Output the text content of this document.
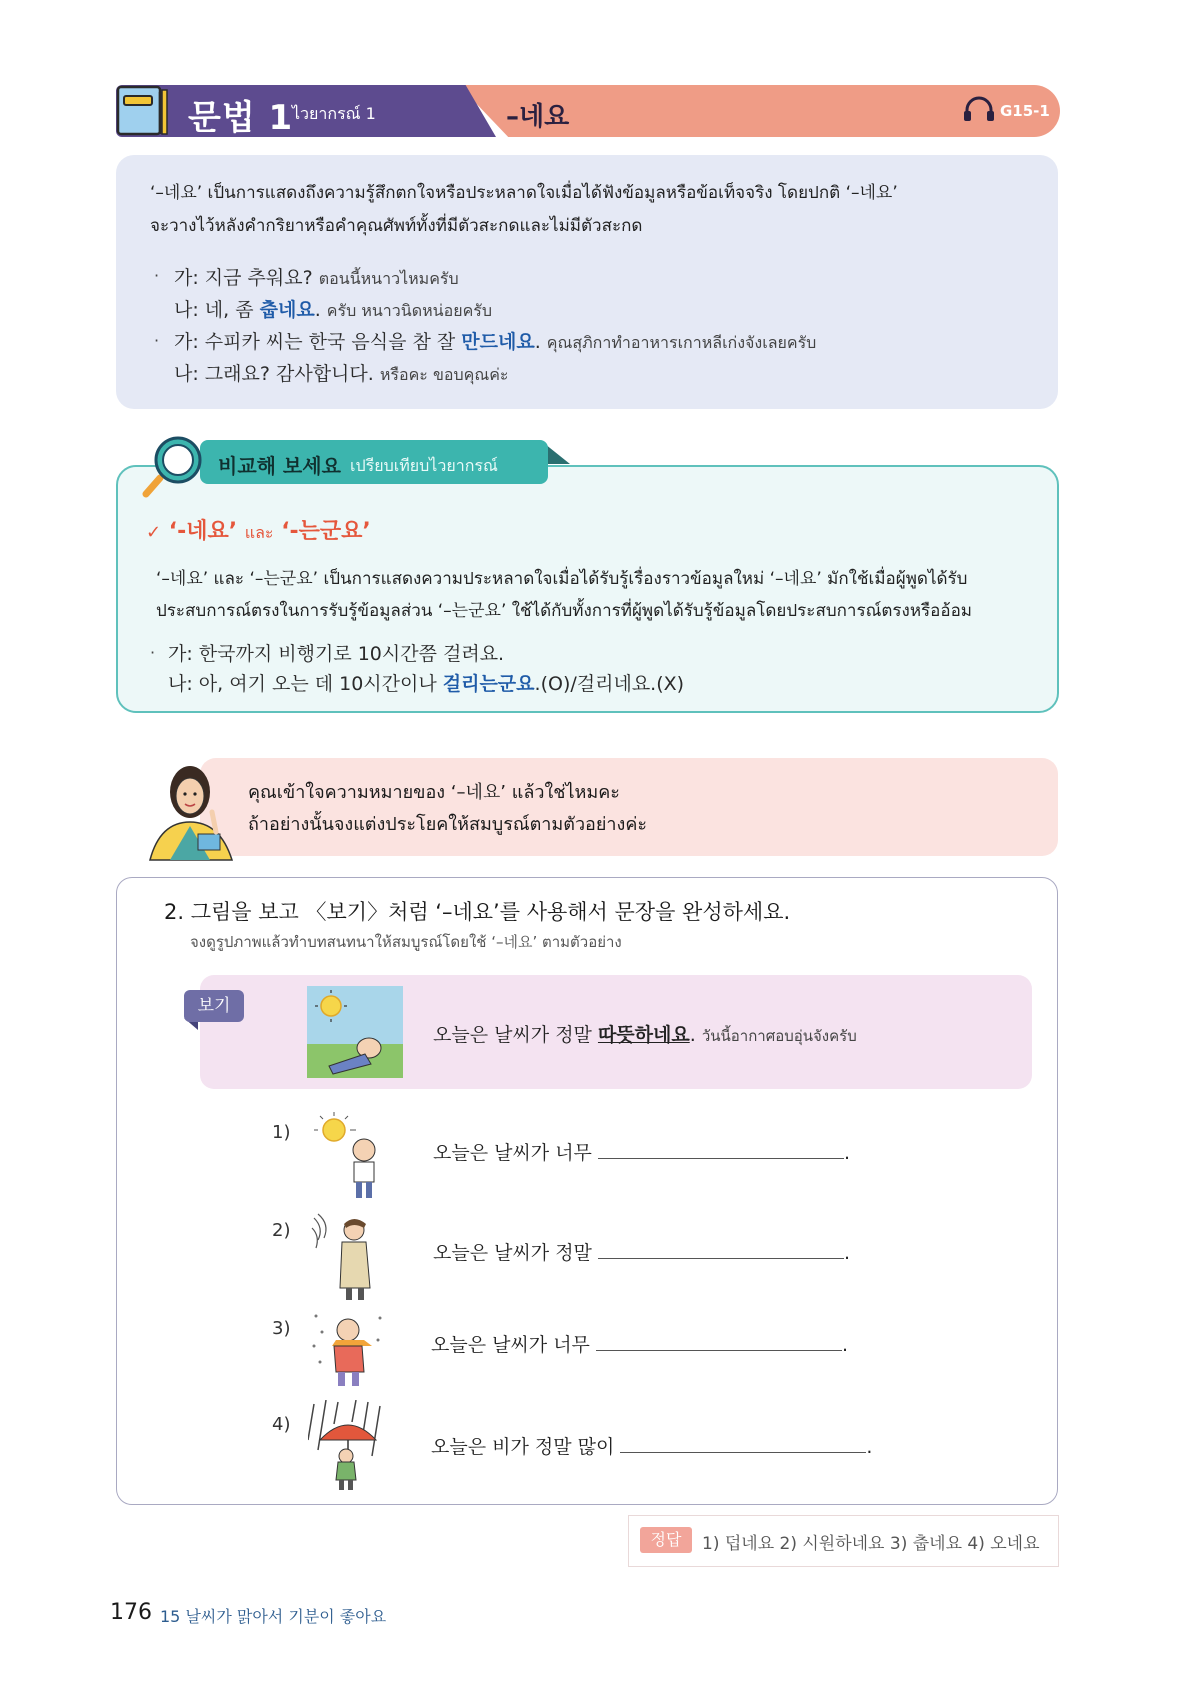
문법 1
ไวยากรณ์ 1	–네요	G15-1
‘–네요’ เป็นการแสดงถึงความรู้สึกตกใจหรือประหลาดใจเมื่อได้ฟังข้อมูลหรือข้อเท็จจริง โดยปกติ ‘–네요’
จะวางไว้หลังคำกริยาหรือคำคุณศัพท์ทั้งที่มีตัวสะกดและไม่มีตัวสะกด
· 가: 지금 추워요? ตอนนี้หนาวไหมครับ
나: 네, 좀 춥네요. ครับ หนาวนิดหน่อยครับ
· 가: 수피카 씨는 한국 음식을 참 잘 만드네요. คุณสุภิกาทำอาหารเกาหลีเก่งจังเลยครับ
나: 그래요? 감사합니다. หรือคะ ขอบคุณค่ะ
비교해 보세요 เปรียบเทียบไวยากรณ์
✓ ‘-네요’ และ ‘-는군요’
‘–네요’ และ ‘–는군요’ เป็นการแสดงความประหลาดใจเมื่อได้รับรู้เรื่องราวข้อมูลใหม่ ‘–네요’ มักใช้เมื่อผู้พูดได้รับ
ประสบการณ์ตรงในการรับรู้ข้อมูลส่วน ‘–는군요’ ใช้ได้กับทั้งการที่ผู้พูดได้รับรู้ข้อมูลโดยประสบการณ์ตรงหรืออ้อม
· 가: 한국까지 비행기로 10시간쯤 걸려요.
나: 아, 여기 오는 데 10시간이나 걸리는군요.(O)/걸리네요.(X)
คุณเข้าใจความหมายของ ‘–네요’ แล้วใช่ไหมคะ
ถ้าอย่างนั้นจงแต่งประโยคให้สมบูรณ์ตามตัวอย่างค่ะ
2. 그림을 보고 〈보기〉처럼 ‘–네요’를 사용해서 문장을 완성하세요.
จงดูรูปภาพแล้วทำบทสนทนาให้สมบูรณ์โดยใช้ ‘–네요’ ตามตัวอย่าง
보기
오늘은 날씨가 정말 따뜻하네요. วันนี้อากาศอบอุ่นจังครับ
1)
오늘은 날씨가 너무	.
2)
오늘은 날씨가 정말	.
3)
오늘은 날씨가 너무	.
4)
오늘은 비가 정말 많이	.
정답	1) 덥네요 2) 시원하네요 3) 춥네요 4) 오네요
176 15 날씨가 맑아서 기분이 좋아요
